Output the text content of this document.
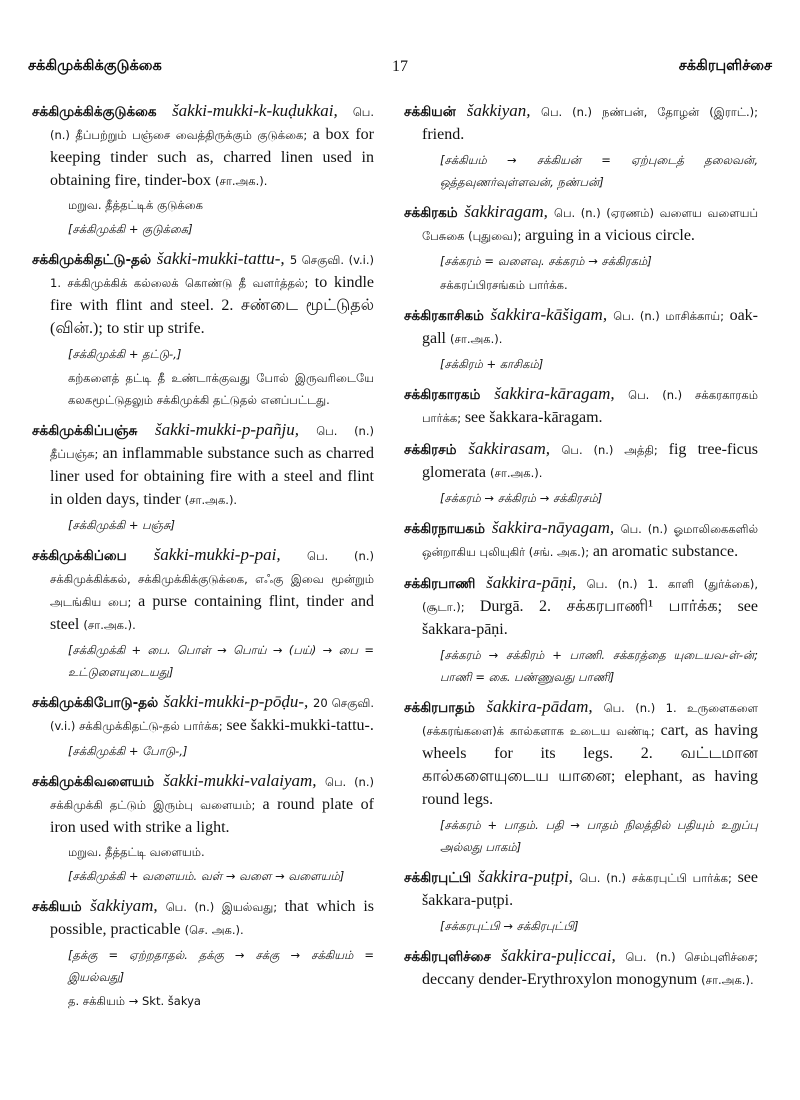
சக்கிமுக்கிக்குடுக்கை	17	சக்கிரபுளிச்சை
சக்கிமுக்கிக்குடுக்கை šakki-mukki-k-kuḍukkai, பெ. (n.) தீப்பற்றும் பஞ்சை வைத்திருக்கும் குடுக்கை; a box for keeping tinder such as, charred linen used in obtaining fire, tinder-box (சா.அக.).
மறுவ. தீத்தட்டிக் குடுக்கை
[சக்கிமுக்கி + குடுக்கை]
சக்கிமுக்கிதட்டு-தல் šakki-mukki-tattu-, 5 செகுவி. (v.i.) 1. சக்கிமுக்கிக் கல்லைக் கொண்டு தீ வளர்த்தல்; to kindle fire with flint and steel. 2. சண்டை மூட்டுதல் (வின்.); to stir up strife.
[சக்கிமுக்கி + தட்டு-,]
கற்களைத் தட்டி தீ உண்டாக்குவது போல் இருவரிடையே கலகமூட்டுதலும் சக்கிமுக்கி தட்டுதல் எனப்பட்டது.
சக்கிமுக்கிப்பஞ்சு šakki-mukki-p-pañju, பெ. (n.) தீப்பஞ்சு; an inflammable substance such as charred liner used for obtaining fire with a steel and flint in olden days, tinder (சா.அக.).
[சக்கிமுக்கி + பஞ்சு]
சக்கிமுக்கிப்பை šakki-mukki-p-pai, பெ. (n.) சக்கிமுக்கிக்கல், சக்கிமுக்கிக்குடுக்கை, எஃகு இவை மூன்றும் அடங்கிய பை; a purse containing flint, tinder and steel (சா.அக.).
[சக்கிமுக்கி + பை. பொள் → பொய் → (பய்) → பை = உட்டுளையுடையது]
சக்கிமுக்கிபோடு-தல் šakki-mukki-p-pōḍu-, 20 செகுவி. (v.i.) சக்கிமுக்கிதட்டு-தல் பார்க்க; see šakki-mukki-tattu-.
[சக்கிமுக்கி + போடு-,]
சக்கிமுக்கிவளையம் šakki-mukki-valaiyam, பெ. (n.) சக்கிமுக்கி தட்டும் இரும்பு வளையம்; a round plate of iron used with strike a light.
மறுவ. தீத்தட்டி வளையம்.
[சக்கிமுக்கி + வளையம். வள் → வளை → வளையம்]
சக்கியம் šakkiyam, பெ. (n.) இயல்வது; that which is possible, practicable (செ. அக.).
[தக்கு = ஏற்றதாதல். தக்கு → சக்கு → சக்கியம் = இயல்வது]
த. சக்கியம் → Skt. šakya
சக்கியன் šakkiyan, பெ. (n.) நண்பன், தோழன் (இராட்.); friend.
[சக்கியம் → சக்கியன் = ஏற்புடைத் தலைவன், ஒத்தவுணர்வுள்ளவன், நண்பன்]
சக்கிரகம் šakkiragam, பெ. (n.) (ஏரணம்) வளைய வளையப் பேசுகை (புதுவை); arguing in a vicious circle.
[சக்கரம் = வளைவு. சக்கரம் → சக்கிரகம்]
சக்கரப்பிரசங்கம் பார்க்க.
சக்கிரகாசிகம் šakkira-kāšigam, பெ. (n.) மாசிக்காய்; oak-gall (சா.அக.).
[சக்கிரம் + காசிகம்]
சக்கிரகாரகம் šakkira-kāragam, பெ. (n.) சக்கரகாரகம் பார்க்க; see šakkara-kāragam.
சக்கிரசம் šakkirasam, பெ. (n.) அத்தி; fig tree-ficus glomerata (சா.அக.).
[சக்கரம் → சக்கிரம் → சக்கிரசம்]
சக்கிரநாயகம் šakkira-nāyagam, பெ. (n.) ஓமாலிகைகளில் ஒன்றாகிய புலியுகிர் (சங். அக.); an aromatic substance.
சக்கிரபாணி šakkira-pāṇi, பெ. (n.) 1. காளி (துர்க்கை), (சூடா.); Durgā. 2. சக்கரபாணி¹ பார்க்க; see šakkara-pāṇi.
[சக்கரம் → சக்கிரம் + பாணி. சக்கரத்தை யுடையவ-ள்-ன்; பாணி = கை. பண்ணுவது பாணி]
சக்கிரபாதம் šakkira-pādam, பெ. (n.) 1. உருளைகளை (சக்கரங்களை)க் கால்களாக உடைய வண்டி; cart, as having wheels for its legs. 2. வட்டமான கால்களையுடைய யானை; elephant, as having round legs.
[சக்கரம் + பாதம். பதி → பாதம் நிலத்தில் பதியும் உறுப்பு அல்லது பாகம்]
சக்கிரபுட்பி šakkira-puṭpi, பெ. (n.) சக்கரபுட்பி பார்க்க; see šakkara-puṭpi.
[சக்கரபுட்பி → சக்கிரபுட்பி]
சக்கிரபுளிச்சை šakkira-puḷiccai, பெ. (n.) செம்புளிச்சை; deccany dender-Erythroxylon monogynum (சா.அக.).
